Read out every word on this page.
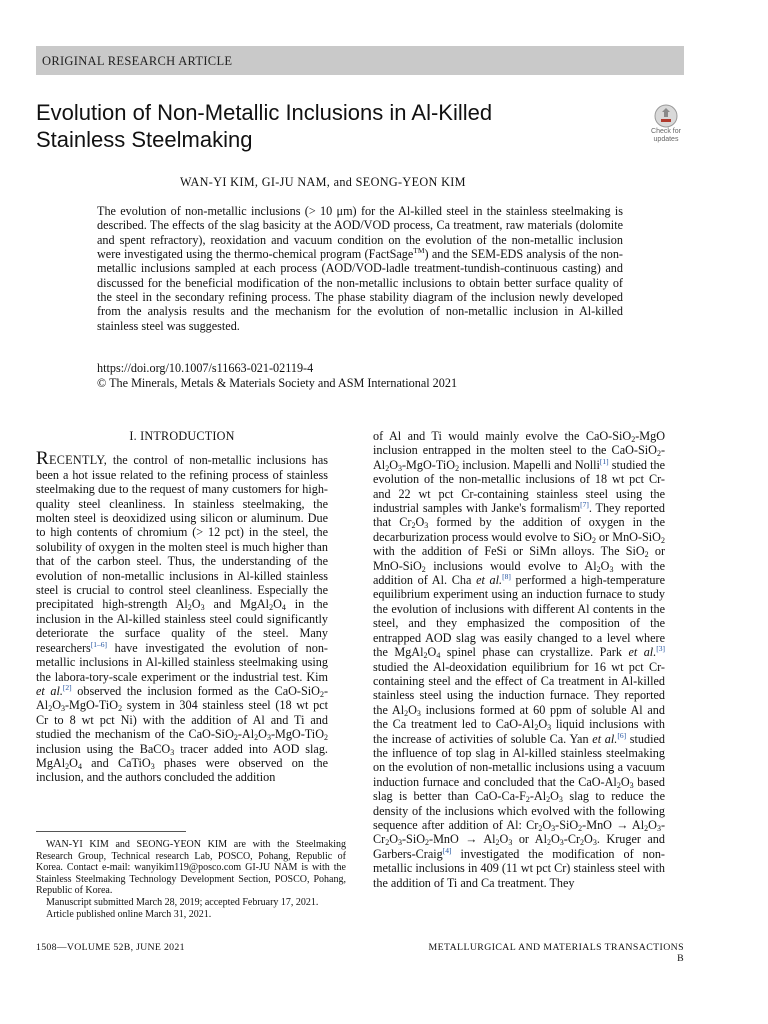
ORIGINAL RESEARCH ARTICLE
Evolution of Non-Metallic Inclusions in Al-Killed
Stainless Steelmaking	Check for
updates
WAN-YI KIM, GI-JU NAM, and SEONG-YEON KIM
The evolution of non-metallic inclusions (> 10 μm) for the Al-killed steel in the stainless steelmaking is described. The effects of the slag basicity at the AOD/VOD process, Ca treatment, raw materials (dolomite and spent refractory), reoxidation and vacuum condition on the evolution of the non-metallic inclusion were investigated using the thermo-chemical program (FactSage™) and the SEM-EDS analysis of the non-metallic inclusions sampled at each process (AOD/VOD-ladle treatment-tundish-continuous casting) and discussed for the beneficial modification of the non-metallic inclusions to obtain better surface quality of the steel in the secondary refining process. The phase stability diagram of the inclusion newly developed from the analysis results and the mechanism for the evolution of non-metallic inclusion in Al-killed stainless steel was suggested.
https://doi.org/10.1007/s11663-021-02119-4
© The Minerals, Metals & Materials Society and ASM International 2021
I. INTRODUCTION

RECENTLY, the control of non-metallic inclusions has been a hot issue related to the refining process of stainless steelmaking due to the request of many customers for high-quality steel cleanliness. In stainless steelmaking, the molten steel is deoxidized using silicon or aluminum. Due to high contents of chromium (> 12 pct) in the steel, the solubility of oxygen in the molten steel is much higher than that of the carbon steel. Thus, the understanding of the evolution of non-metallic inclusions in Al-killed stainless steel is crucial to control steel cleanliness. Especially the precipitated high-strength $Al_2O_3$ and $MgAl_2O_4$ in the inclusion in the Al-killed stainless steel could significantly deteriorate the surface quality of the steel. Many researchers[1–6] have investigated the evolution of non-metallic inclusions in Al-killed stainless steelmaking using the labora-tory-scale experiment or the industrial test. Kim et al.[2] observed the inclusion formed as the CaO-$SiO_2-Al_2O_3-MgO-TiO_2$ system in 304 stainless steel (18 wt pct Cr to 8 wt pct Ni) with the addition of Al and Ti and studied the mechanism of the CaO-$SiO_2-Al_2O_3-MgO-TiO_2$ inclusion using the BaCO$_3$ tracer added into AOD slag. $MgAl_2O_4$ and CaTiO$_3$ phases were observed on the inclusion, and the authors concluded the addition

of Al and Ti would mainly evolve the CaO-SiO$_2$-MgO inclusion entrapped in the molten steel to the CaO-$SiO_2-Al_2O_3-MgO-TiO_2$ inclusion. Mapelli and Nolli[1] studied the evolution of the non-metallic inclusions of 18 wt pct Cr- and 22 wt pct Cr-containing stainless steel using the industrial samples with Janke's formalism[7]. They reported that $Cr_2O_3$ formed by the addition of oxygen in the decarburization process would evolve to SiO$_2$ or MnO-SiO$_2$ with the addition of FeSi or SiMn alloys. The SiO$_2$ or MnO-SiO$_2$ inclusions would evolve to $Al_2O_3$ with the addition of Al. Cha et al.[8] performed a high-temperature equilibrium experiment using an induction furnace to study the evolution of inclusions with different Al contents in the steel, and they emphasized the composition of the entrapped AOD slag was easily changed to a level where the $MgAl_2O_4$ spinel phase can crystallize. Park et al.[3] studied the Al-deoxidation equilibrium for 16 wt pct Cr-containing steel and the effect of Ca treatment in Al-killed stainless steel using the induction furnace. They reported the $Al_2O_3$ inclusions formed at 60 ppm of soluble Al and the Ca treatment led to CaO-$Al_2O_3$ liquid inclusions with the increase of activities of soluble Ca. Yan et al.[6] studied the influence of top slag in Al-killed stainless steelmaking on the evolution of non-metallic inclusions using a vacuum induction furnace and concluded that the CaO-$Al_2O_3$ based slag is better than CaO-$Ca-F_2-Al_2O_3$ slag to reduce the density of the inclusions which evolved with the following sequence after addition of Al: $Cr_2O_3-SiO_2$-MnO → $Al_2O_3-Cr_2O_3-SiO_2$-MnO → $Al_2O_3$ or $Al_2O_3-Cr_2O_3$. Kruger and Garbers-Craig[4] investigated the modification of non-metallic inclusions in 409 (11 wt pct Cr) stainless steel with the addition of Ti and Ca treatment. They

WAN-YI KIM and SEONG-YEON KIM are with the Steelmaking Research Group, Technical research Lab, POSCO, Pohang, Republic of Korea. Contact e-mail: wanyikim119@posco.com GI-JU NAM is with the Stainless Steelmaking Technology Development Section, POSCO, Pohang, Republic of Korea.

Manuscript submitted March 28, 2019; accepted February 17, 2021.

Article published online March 31, 2021.

1508—VOLUME 52B, JUNE 2021	METALLURGICAL AND MATERIALS TRANSACTIONS B
